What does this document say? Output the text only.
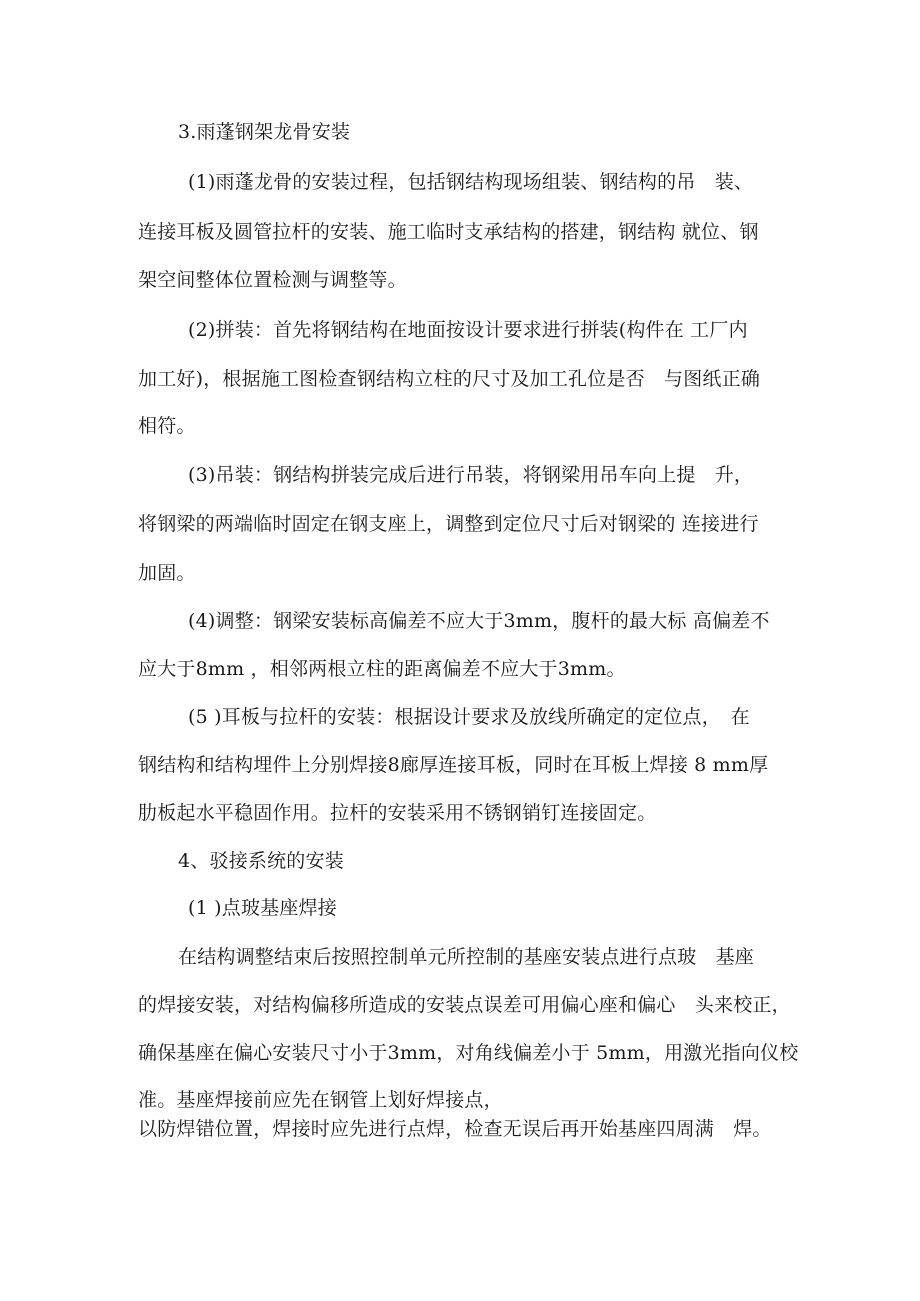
3.雨蓬钢架龙骨安装
(1)雨蓬龙骨的安装过程，包括钢结构现场组装、钢结构的吊　装、
连接耳板及圆管拉杆的安装、施工临时支承结构的搭建，钢结构 就位、钢
架空间整体位置检测与调整等。
(2)拼装：首先将钢结构在地面按设计要求进行拼装(构件在 工厂内
加工好)，根据施工图检查钢结构立柱的尺寸及加工孔位是否　与图纸正确
相符。
(3)吊装：钢结构拼装完成后进行吊装，将钢梁用吊车向上提　升，
将钢梁的两端临时固定在钢支座上，调整到定位尺寸后对钢梁的 连接进行
加固。
(4)调整：钢梁安装标高偏差不应大于3mm，腹杆的最大标 高偏差不
应大于8mm ，相邻两根立柱的距离偏差不应大于3mm。
(5 )耳板与拉杆的安装：根据设计要求及放线所确定的定位点，　在
钢结构和结构埋件上分别焊接8廊厚连接耳板，同时在耳板上焊接 8 mm厚
肋板起水平稳固作用。拉杆的安装采用不锈钢销钉连接固定。
4、驳接系统的安装
(1 )点玻基座焊接
在结构调整结束后按照控制单元所控制的基座安装点进行点玻　基座
的焊接安装，对结构偏移所造成的安装点误差可用偏心座和偏心　头来校正，
确保基座在偏心安装尺寸小于3mm，对角线偏差小于 5mm，用激光指向仪校
准。基座焊接前应先在钢管上划好焊接点，
以防焊错位置，焊接时应先进行点焊，检查无误后再开始基座四周满　焊。
